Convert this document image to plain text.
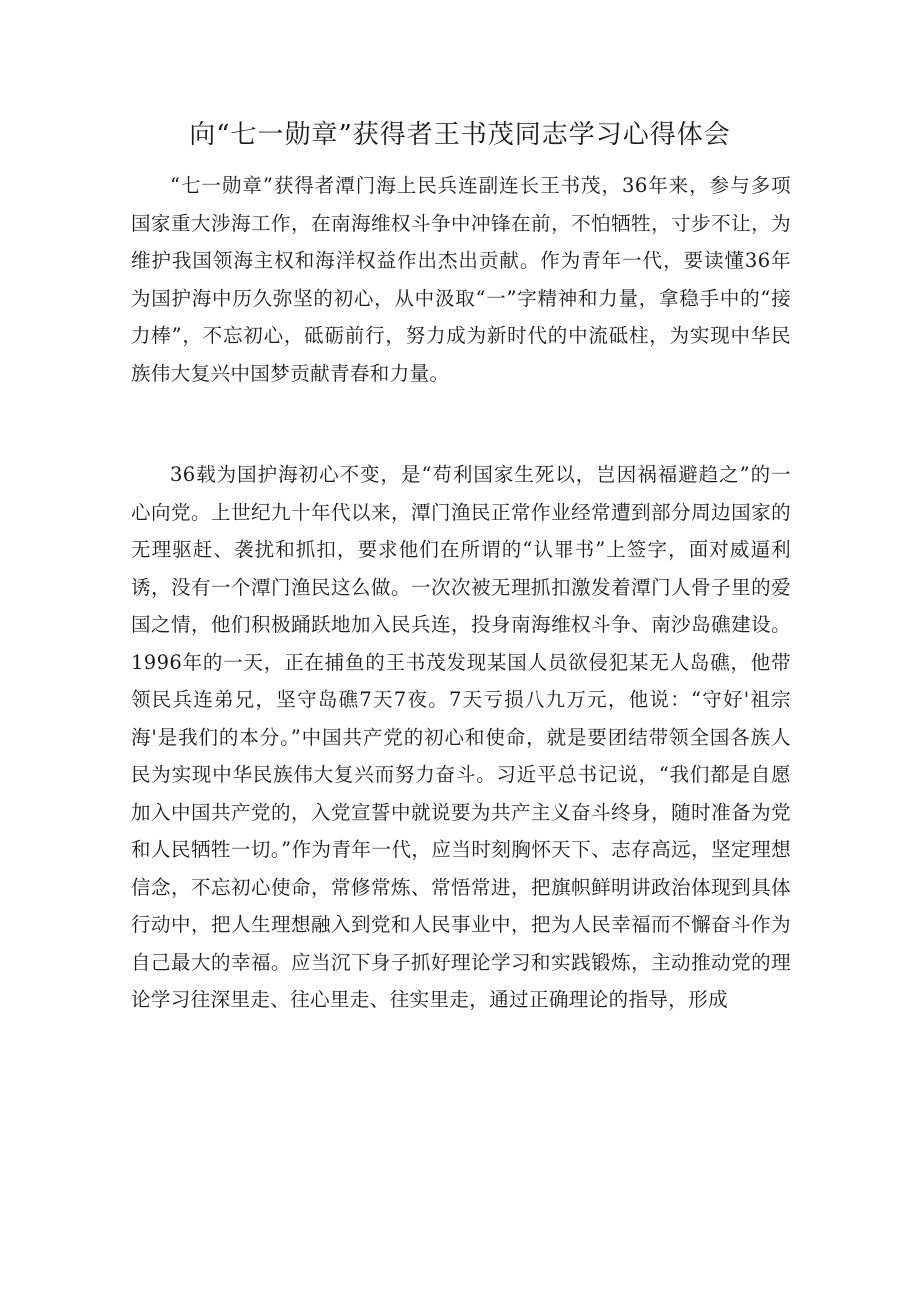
向“七一勋章”获得者王书茂同志学习心得体会

“七一勋章”获得者潭门海上民兵连副连长王书茂，36年来，参与多项国家重大涉海工作，在南海维权斗争中冲锋在前，不怕牺牲，寸步不让，为维护我国领海主权和海洋权益作出杰出贡献。作为青年一代，要读懂36年为国护海中历久弥坚的初心，从中汲取“一”字精神和力量，拿稳手中的“接力棒”，不忘初心，砥砺前行，努力成为新时代的中流砥柱，为实现中华民族伟大复兴中国梦贡献青春和力量。

36载为国护海初心不变，是“苟利国家生死以，岂因祸福避趋之”的一心向党。上世纪九十年代以来，潭门渔民正常作业经常遭到部分周边国家的无理驱赶、袭扰和抓扣，要求他们在所谓的“认罪书”上签字，面对威逼利诱，没有一个潭门渔民这么做。一次次被无理抓扣激发着潭门人骨子里的爱国之情，他们积极踊跃地加入民兵连，投身南海维权斗争、南沙岛礁建设。1996年的一天，正在捕鱼的王书茂发现某国人员欲侵犯某无人岛礁，他带领民兵连弟兄，坚守岛礁7天7夜。7天亏损八九万元，他说：“守好'祖宗海'是我们的本分。”中国共产党的初心和使命，就是要团结带领全国各族人民为实现中华民族伟大复兴而努力奋斗。习近平总书记说，“我们都是自愿加入中国共产党的，入党宣誓中就说要为共产主义奋斗终身，随时准备为党和人民牺牲一切。”作为青年一代，应当时刻胸怀天下、志存高远，坚定理想信念，不忘初心使命，常修常炼、常悟常进，把旗帜鲜明讲政治体现到具体行动中，把人生理想融入到党和人民事业中，把为人民幸福而不懈奋斗作为自己最大的幸福。应当沉下身子抓好理论学习和实践锻炼，主动推动党的理论学习往深里走、往心里走、往实里走，通过正确理论的指导，形成
